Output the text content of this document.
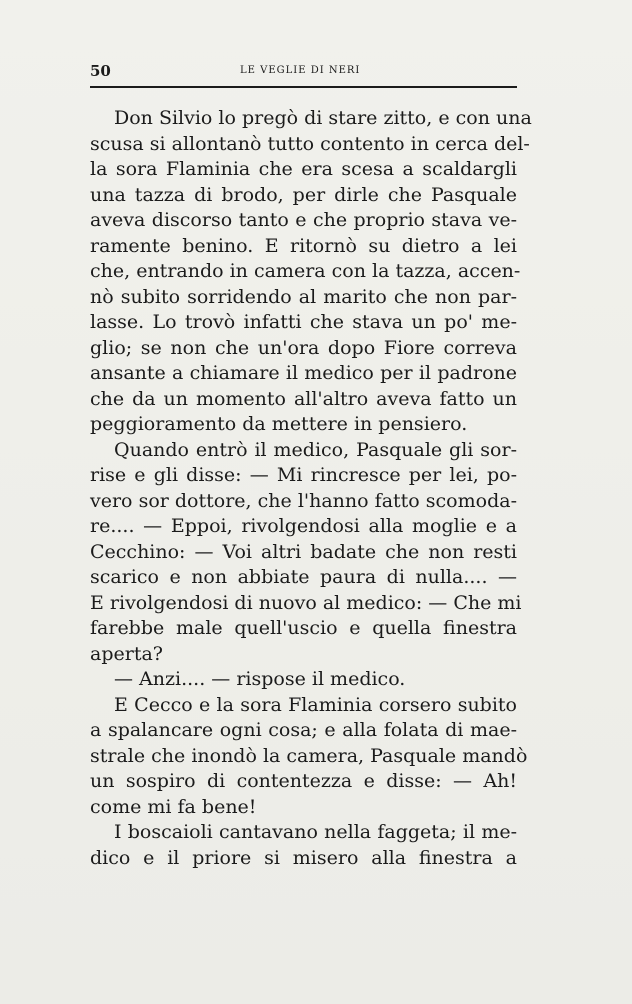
50	LE VEGLIE DI NERI
Don Silvio lo pregò di stare zitto, e con una
scusa si allontanò tutto contento in cerca del-
la sora Flaminia che era scesa a scaldargli
una tazza di brodo, per dirle che Pasquale
aveva discorso tanto e che proprio stava ve-
ramente benino. E ritornò su dietro a lei
che, entrando in camera con la tazza, accen-
nò subito sorridendo al marito che non par-
lasse. Lo trovò infatti che stava un po' me-
glio; se non che un'ora dopo Fiore correva
ansante a chiamare il medico per il padrone
che da un momento all'altro aveva fatto un
peggioramento da mettere in pensiero.
Quando entrò il medico, Pasquale gli sor-
rise e gli disse: — Mi rincresce per lei, po-
vero sor dottore, che l'hanno fatto scomoda-
re.... — Eppoi, rivolgendosi alla moglie e a
Cecchino: — Voi altri badate che non resti
scarico e non abbiate paura di nulla.... —
E rivolgendosi di nuovo al medico: — Che mi
farebbe male quell'uscio e quella finestra
aperta?
— Anzi.... — rispose il medico.
E Cecco e la sora Flaminia corsero subito
a spalancare ogni cosa; e alla folata di mae-
strale che inondò la camera, Pasquale mandò
un sospiro di contentezza e disse: — Ah!
come mi fa bene!
I boscaioli cantavano nella faggeta; il me-
dico e il priore si misero alla finestra a
